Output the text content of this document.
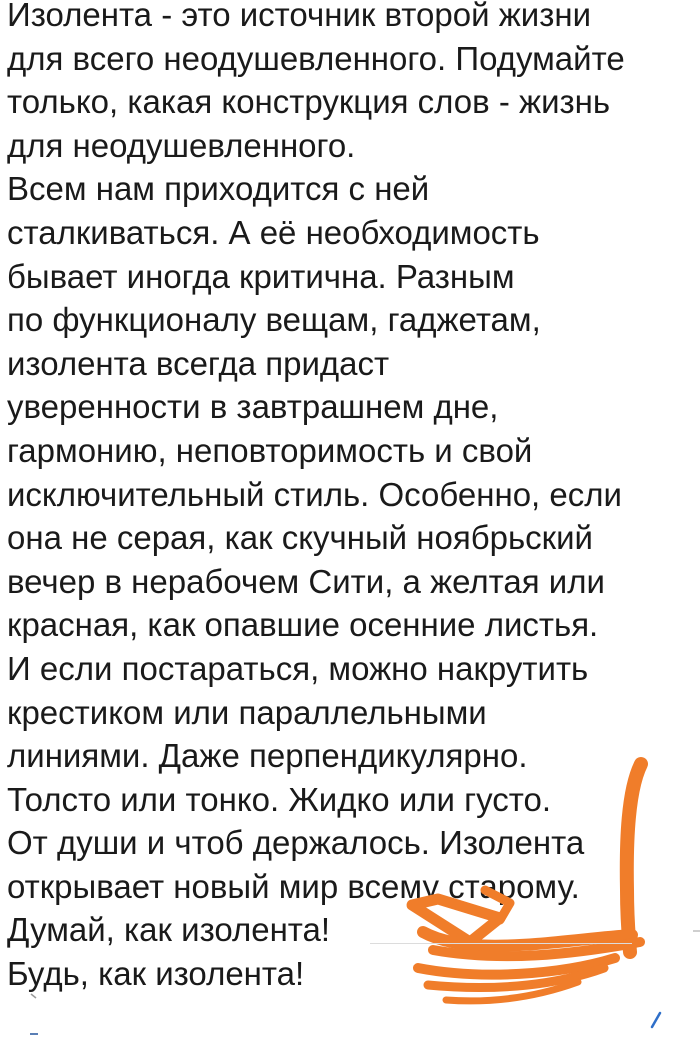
Изолента - это источник второй жизни
для всего неодушевленного. Подумайте
только, какая конструкция слов - жизнь
для неодушевленного.
Всем нам приходится с ней
сталкиваться. А её необходимость
бывает иногда критична. Разным
по функционалу вещам, гаджетам,
изолента всегда придаст
уверенности в завтрашнем дне,
гармонию, неповторимость и свой
исключительный стиль. Особенно, если
она не серая, как скучный ноябрьский
вечер в нерабочем Сити, а желтая или
красная, как опавшие осенние листья.
И если постараться, можно накрутить
крестиком или параллельными
линиями. Даже перпендикулярно.
Толсто или тонко. Жидко или густо.
От души и чтоб держалось. Изолента
открывает новый мир всему старому.
Думай, как изолента!
Будь, как изолента!
